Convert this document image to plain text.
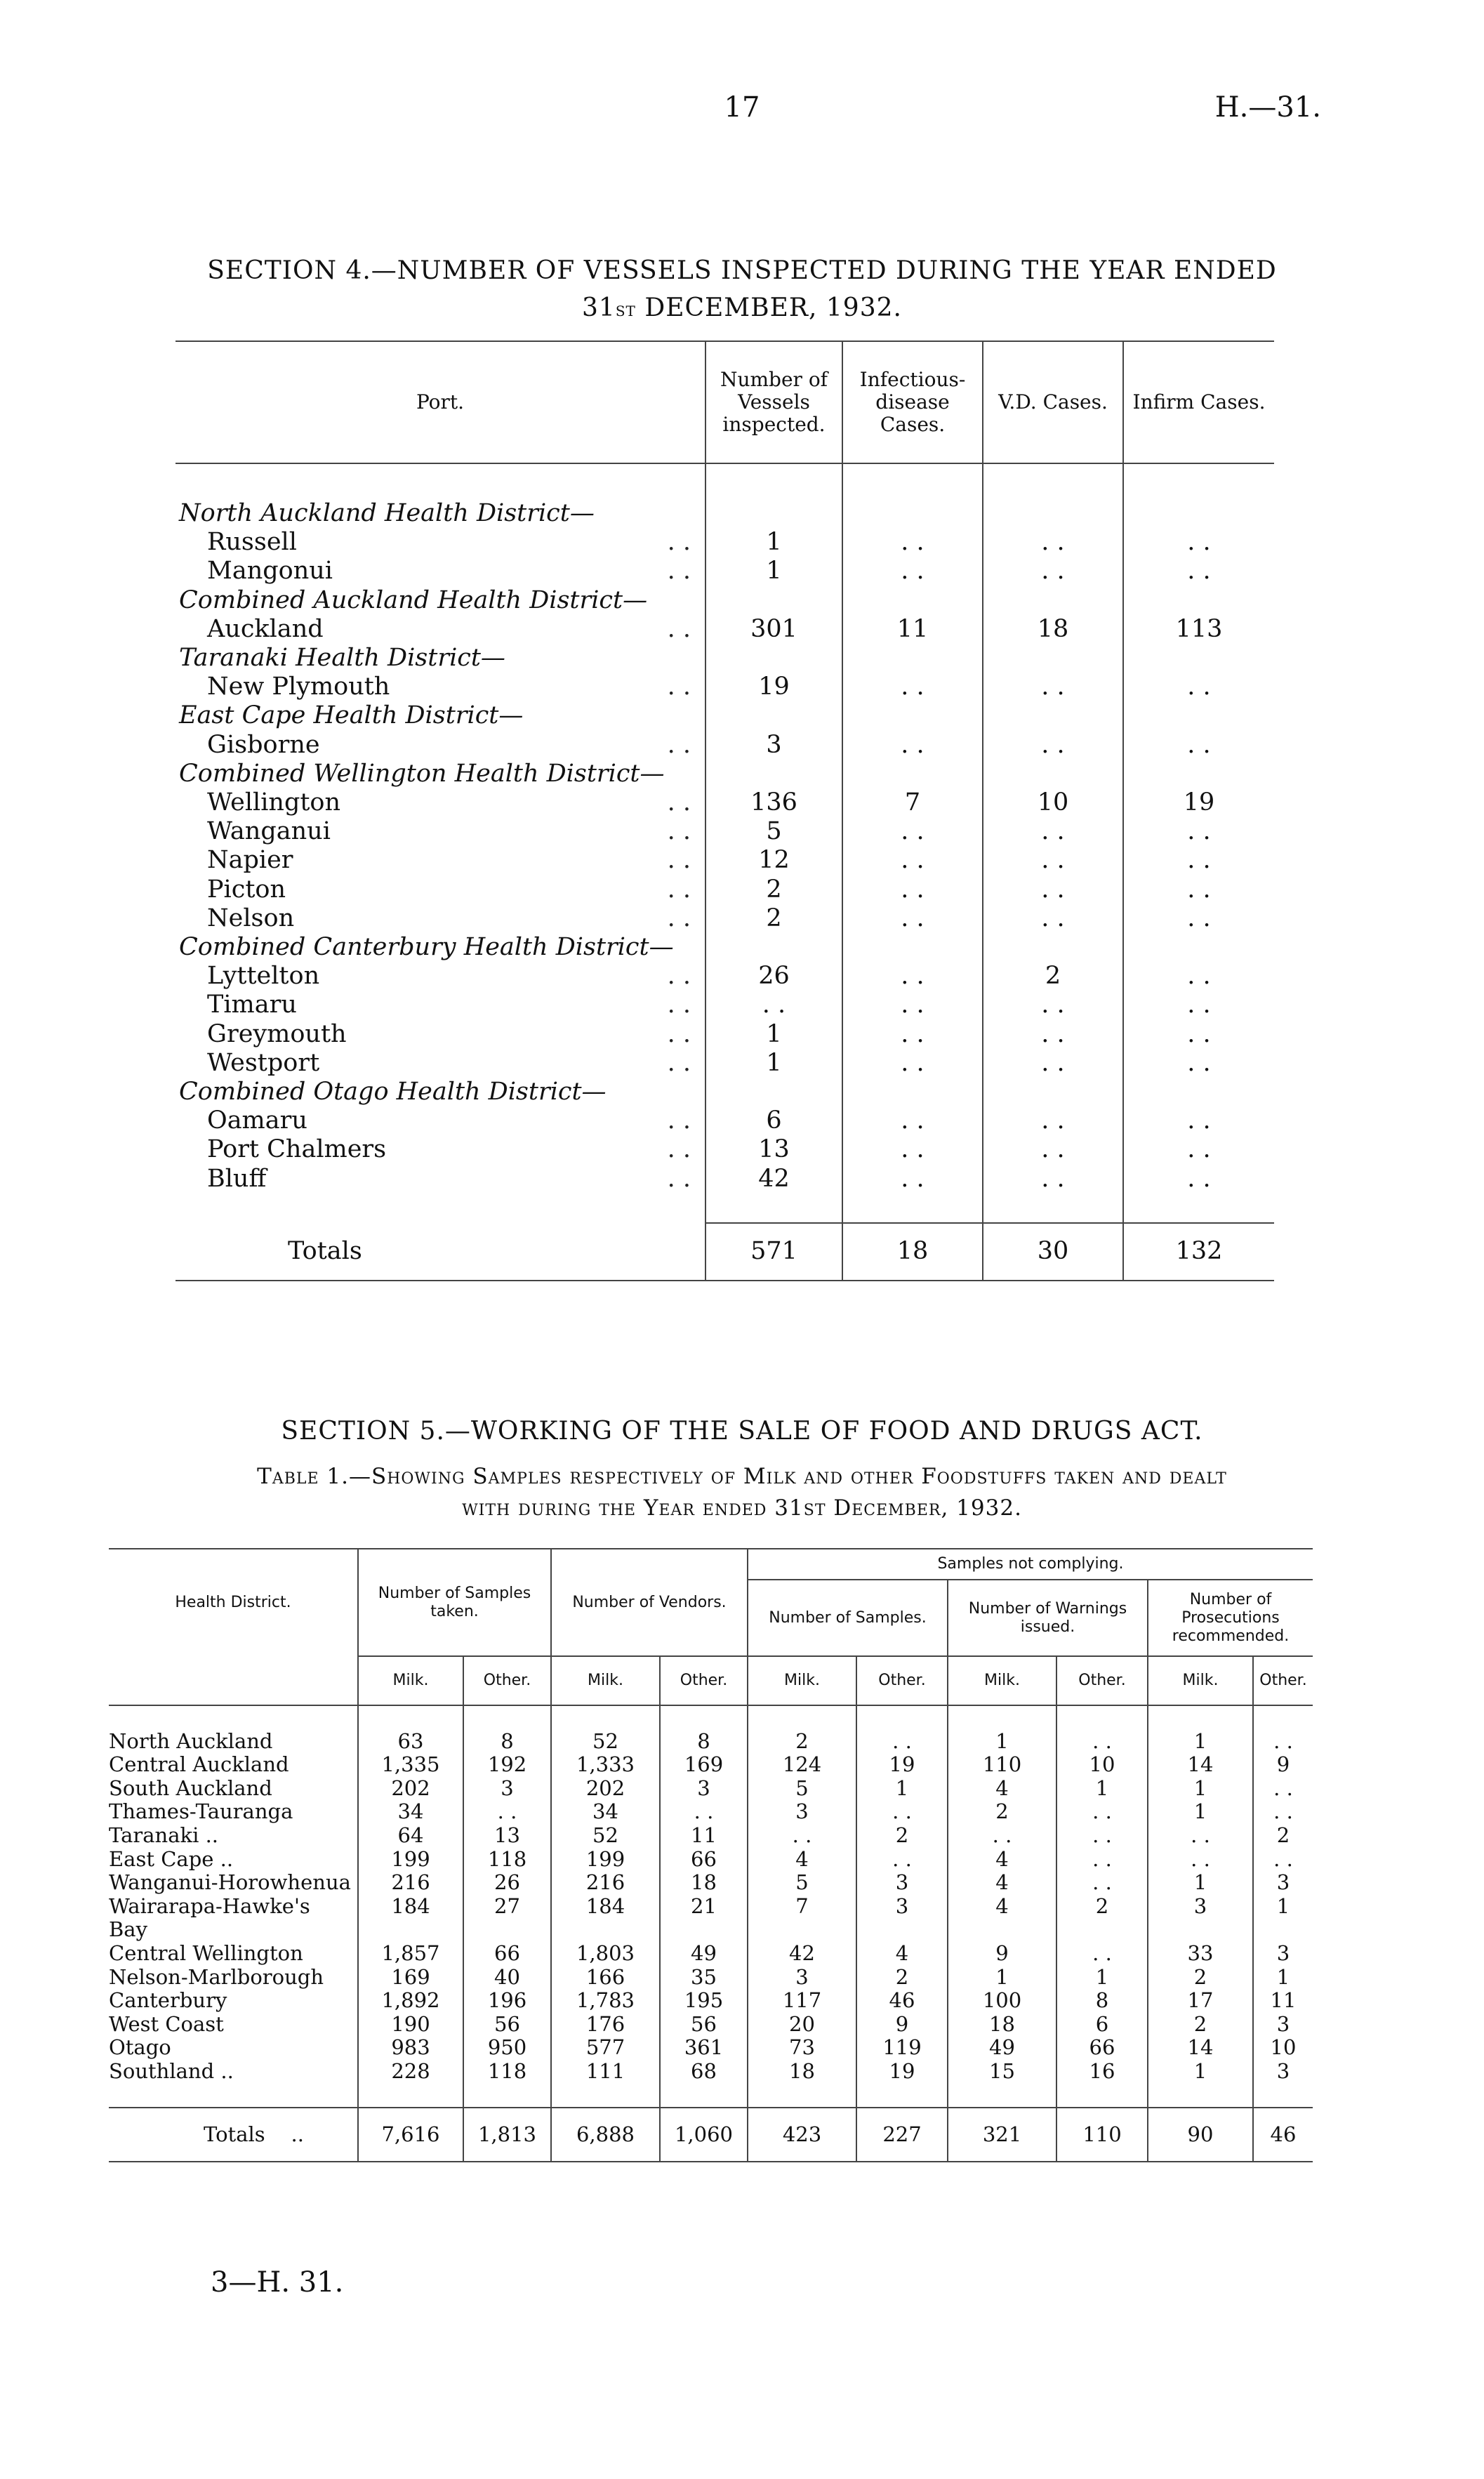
17	H.—31.
SECTION 4.—NUMBER OF VESSELS INSPECTED DURING THE YEAR ENDED
31st DECEMBER, 1932.
Port.	Number of Vessels inspected.	Infectious-disease Cases.	V.D. Cases.	Infirm Cases.

North Auckland Health District—				
Russell . .	1	. .	. .	. .
Mangonui . .	1	. .	. .	. .
Combined Auckland Health District—				
Auckland . .	301	11	18	113
Taranaki Health District—				
New Plymouth . .	19	. .	. .	. .
East Cape Health District—				
Gisborne . .	3	. .	. .	. .
Combined Wellington Health District—				
Wellington . .	136	7	10	19
Wanganui . .	5	. .	. .	. .
Napier . .	12	. .	. .	. .
Picton . .	2	. .	. .	. .
Nelson . .	2	. .	. .	. .
Combined Canterbury Health District—				
Lyttelton . .	26	. .	2	. .
Timaru . .	. .	. .	. .	. .
Greymouth . .	1	. .	. .	. .
Westport . .	1	. .	. .	. .
Combined Otago Health District—				
Oamaru . .	6	. .	. .	. .
Port Chalmers . .	13	. .	. .	. .
Bluff . .	42	. .	. .	. .

Totals	571	18	30	132
SECTION 5.—WORKING OF THE SALE OF FOOD AND DRUGS ACT.
Table 1.—Showing Samples respectively of Milk and other Foodstuffs taken and dealt
with during the Year ended 31st December, 1932.
Health District.	Number of Samples taken.		Number of Vendors.		Samples not complying.					
					Number of Samples.		Number of Warnings issued.		Number of Prosecutions recommended.	
	Milk.	Other.	Milk.	Other.	Milk.	Other.	Milk.	Other.	Milk.	Other.

North Auckland	63	8	52	8	2	. .	1	. .	1	. .
Central Auckland	1,335	192	1,333	169	124	19	110	10	14	9
South Auckland	202	3	202	3	5	1	4	1	1	. .
Thames-Tauranga	34	. .	34	. .	3	. .	2	. .	1	. .
Taranaki ..	64	13	52	11	. .	2	. .	. .	. .	2
East Cape ..	199	118	199	66	4	. .	4	. .	. .	. .
Wanganui-Horowhenua	216	26	216	18	5	3	4	. .	1	3
Wairarapa-Hawke's	184	27	184	21	7	3	4	2	3	1
Bay										
Central Wellington	1,857	66	1,803	49	42	4	9	. .	33	3
Nelson-Marlborough	169	40	166	35	3	2	1	1	2	1
Canterbury	1,892	196	1,783	195	117	46	100	8	17	11
West Coast	190	56	176	56	20	9	18	6	2	3
Otago	983	950	577	361	73	119	49	66	14	10
Southland ..	228	118	111	68	18	19	15	16	1	3

Totals ..	7,616	1,813	6,888	1,060	423	227	321	110	90	46
3—H. 31.
